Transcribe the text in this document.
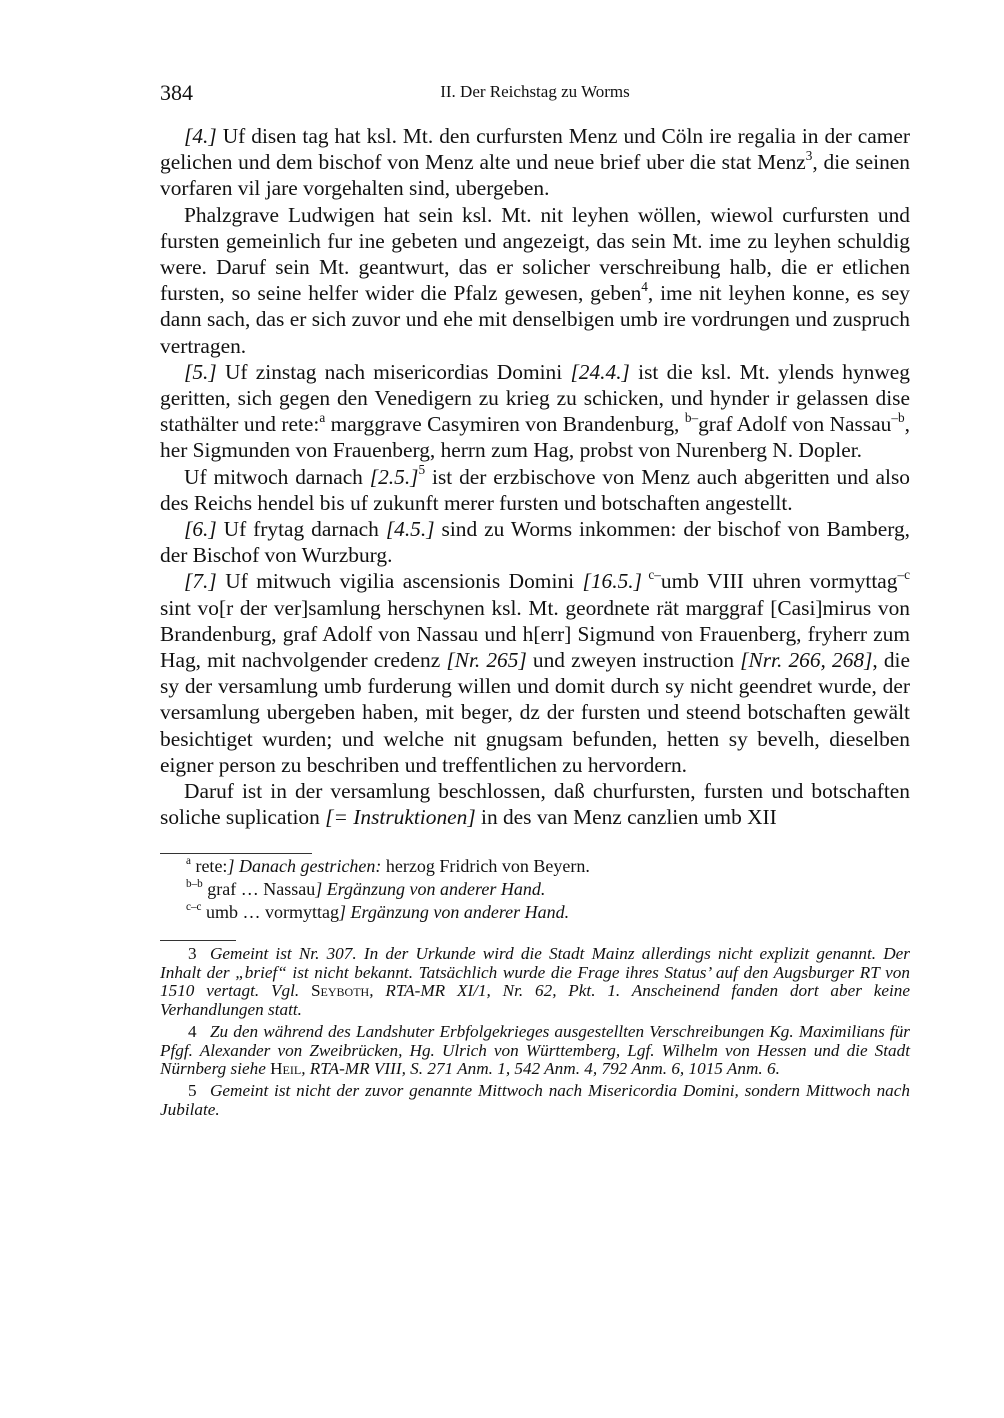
384	II. Der Reichstag zu Worms

[4.] Uf disen tag hat ksl. Mt. den curfursten Menz und Cöln ire regalia in der camer gelichen und dem bischof von Menz alte und neue brief uber die stat Menz$^3$, die seinen vorfaren vil jare vorgehalten sind, ubergeben.

Phalzgrave Ludwigen hat sein ksl. Mt. nit leyhen wöllen, wiewol curfursten und fursten gemeinlich fur ine gebeten und angezeigt, das sein Mt. ime zu leyhen schuldig were. Daruf sein Mt. geantwurt, das er solicher verschreibung halb, die er etlichen fursten, so seine helfer wider die Pfalz gewesen, geben$^4$, ime nit leyhen konne, es sey dann sach, das er sich zuvor und ehe mit denselbigen umb ire vordrungen und zuspruch vertragen.

[5.] Uf zinstag nach misericordias Domini [24.4.] ist die ksl. Mt. ylends hynweg geritten, sich gegen den Venedigern zu krieg zu schicken, und hynder ir gelassen dise stathälter und rete:$^a$ marggrave Casymiren von Brandenburg, $^{b-}$graf Adolf von Nassau$^{-b}$, her Sigmunden von Frauenberg, herrn zum Hag, probst von Nurenberg N. Dopler.

Uf mitwoch darnach $[2.5.]^5$ ist der erzbischove von Menz auch abgeritten und also des Reichs hendel bis uf zukunft merer fursten und botschaften angestellt.

[6.] Uf frytag darnach [4.5.] sind zu Worms inkommen: der bischof von Bamberg, der Bischof von Wurzburg.

[7.] Uf mitwuch vigilia ascensionis Domini [16.5.] $^{c-}$umb VIII uhren vormyttag$^{-c}$ sint vo[r der ver]samlung herschynen ksl. Mt. geordnete rät marggraf [Casi]mirus von Brandenburg, graf Adolf von Nassau und h[err] Sigmund von Frauenberg, fryherr zum Hag, mit nachvolgender credenz [Nr. 265] und zweyen instruction [Nrr. 266, 268], die sy der versamlung umb furderung willen und domit durch sy nicht geendret wurde, der versamlung ubergeben haben, mit beger, dz der fursten und steend botschaften gewält besichtiget wurden; und welche nit gnugsam befunden, hetten sy bevelh, dieselben eigner person zu beschriben und treffentlichen zu hervordern.

Daruf ist in der versamlung beschlossen, daß churfursten, fursten und botschaften soliche suplication [= Instruktionen] in des van Menz canzlien umb XII

$^a$ rete:] Danach gestrichen: herzog Fridrich von Beyern.
$^{b-b}$ graf … Nassau] Ergänzung von anderer Hand.
$^{c-c}$ umb … vormyttag] Ergänzung von anderer Hand.

3 Gemeint ist Nr. 307. In der Urkunde wird die Stadt Mainz allerdings nicht explizit genannt. Der Inhalt der „brief“ ist nicht bekannt. Tatsächlich wurde die Frage ihres Status’ auf den Augsburger RT von 1510 vertagt. Vgl. Seyboth, RTA-MR XI/1, Nr. 62, Pkt. 1. Anscheinend fanden dort aber keine Verhandlungen statt.

4 Zu den während des Landshuter Erbfolgekrieges ausgestellten Verschreibungen Kg. Maximilians für Pfgf. Alexander von Zweibrücken, Hg. Ulrich von Württemberg, Lgf. Wilhelm von Hessen und die Stadt Nürnberg siehe Heil, RTA-MR VIII, S. 271 Anm. 1, 542 Anm. 4, 792 Anm. 6, 1015 Anm. 6.

5 Gemeint ist nicht der zuvor genannte Mittwoch nach Misericordia Domini, sondern Mittwoch nach Jubilate.
